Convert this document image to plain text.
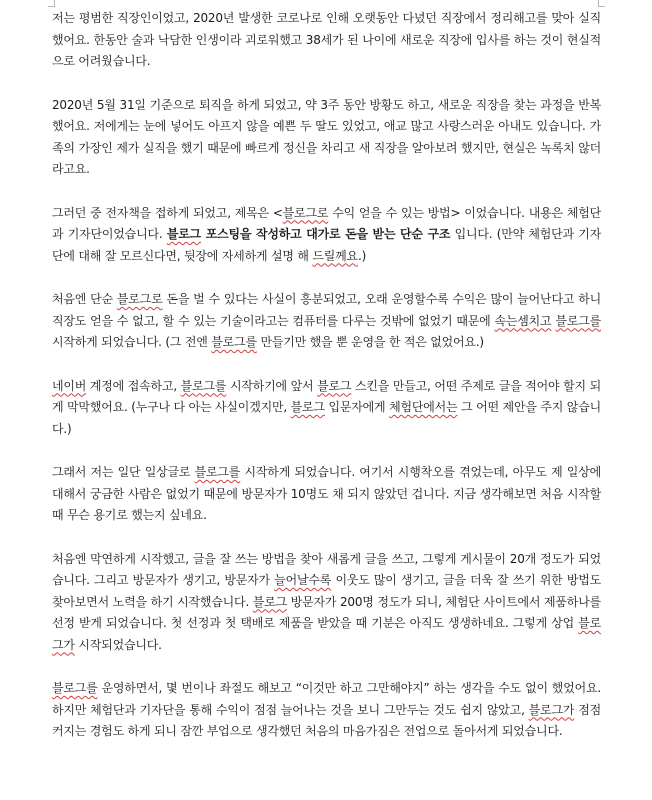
저는 평범한 직장인이었고, 2020년 발생한 코로나로 인해 오랫동안 다녔던 직장에서 정리해고를 맞아 실직했어요. 한동안 술과 낙담한 인생이라 괴로워했고 38세가 된 나이에 새로운 직장에 입사를 하는 것이 현실적으로 어려웠습니다.

2020년 5월 31일 기준으로 퇴직을 하게 되었고, 약 3주 동안 방황도 하고, 새로운 직장을 찾는 과정을 반복했어요. 저에게는 눈에 넣어도 아프지 않을 예쁜 두 딸도 있었고, 애교 많고 사랑스러운 아내도 있습니다. 가족의 가장인 제가 실직을 했기 때문에 빠르게 정신을 차리고 새 직장을 알아보려 했지만, 현실은 녹록치 않더라고요.

그러던 중 전자책을 접하게 되었고, 제목은 <블로그로 수익 얻을 수 있는 방법> 이었습니다. 내용은 체험단과 기자단이었습니다. 블로그 포스팅을 작성하고 대가로 돈을 받는 단순 구조 입니다. (만약 체험단과 기자단에 대해 잘 모르신다면, 뒷장에 자세하게 설명 해 드릴께요.)

처음엔 단순 블로그로 돈을 벌 수 있다는 사실이 흥분되었고, 오래 운영할수록 수익은 많이 늘어난다고 하니 직장도 얻을 수 없고, 할 수 있는 기술이라고는 컴퓨터를 다루는 것밖에 없었기 때문에 속는셈치고 블로그를 시작하게 되었습니다. (그 전엔 블로그를 만들기만 했을 뿐 운영을 한 적은 없었어요.)

네이버 계정에 접속하고, 블로그를 시작하기에 앞서 블로그 스킨을 만들고, 어떤 주제로 글을 적어야 할지 되게 막막했어요. (누구나 다 아는 사실이겠지만, 블로그 입문자에게 체험단에서는 그 어떤 제안을 주지 않습니다.)

그래서 저는 일단 일상글로 블로그를 시작하게 되었습니다. 여기서 시행착오를 겪었는데, 아무도 제 일상에 대해서 궁금한 사람은 없었기 때문에 방문자가 10명도 채 되지 않았던 겁니다. 지금 생각해보면 처음 시작할 때 무슨 용기로 했는지 싶네요.

처음엔 막연하게 시작했고, 글을 잘 쓰는 방법을 찾아 새롭게 글을 쓰고, 그렇게 게시물이 20개 정도가 되었습니다. 그리고 방문자가 생기고, 방문자가 늘어날수록 이웃도 많이 생기고, 글을 더욱 잘 쓰기 위한 방법도 찾아보면서 노력을 하기 시작했습니다. 블로그 방문자가 200명 정도가 되니, 체험단 사이트에서 제품하나를 선정 받게 되었습니다. 첫 선정과 첫 택배로 제품을 받았을 때 기분은 아직도 생생하네요. 그렇게 상업 블로그가 시작되었습니다.

블로그를 운영하면서, 몇 번이나 좌절도 해보고 “이것만 하고 그만해야지” 하는 생각을 수도 없이 했었어요. 하지만 체험단과 기자단을 통해 수익이 점점 늘어나는 것을 보니 그만두는 것도 쉽지 않았고, 블로그가 점점 커지는 경험도 하게 되니 잠깐 부업으로 생각했던 처음의 마음가짐은 전업으로 돌아서게 되었습니다.
